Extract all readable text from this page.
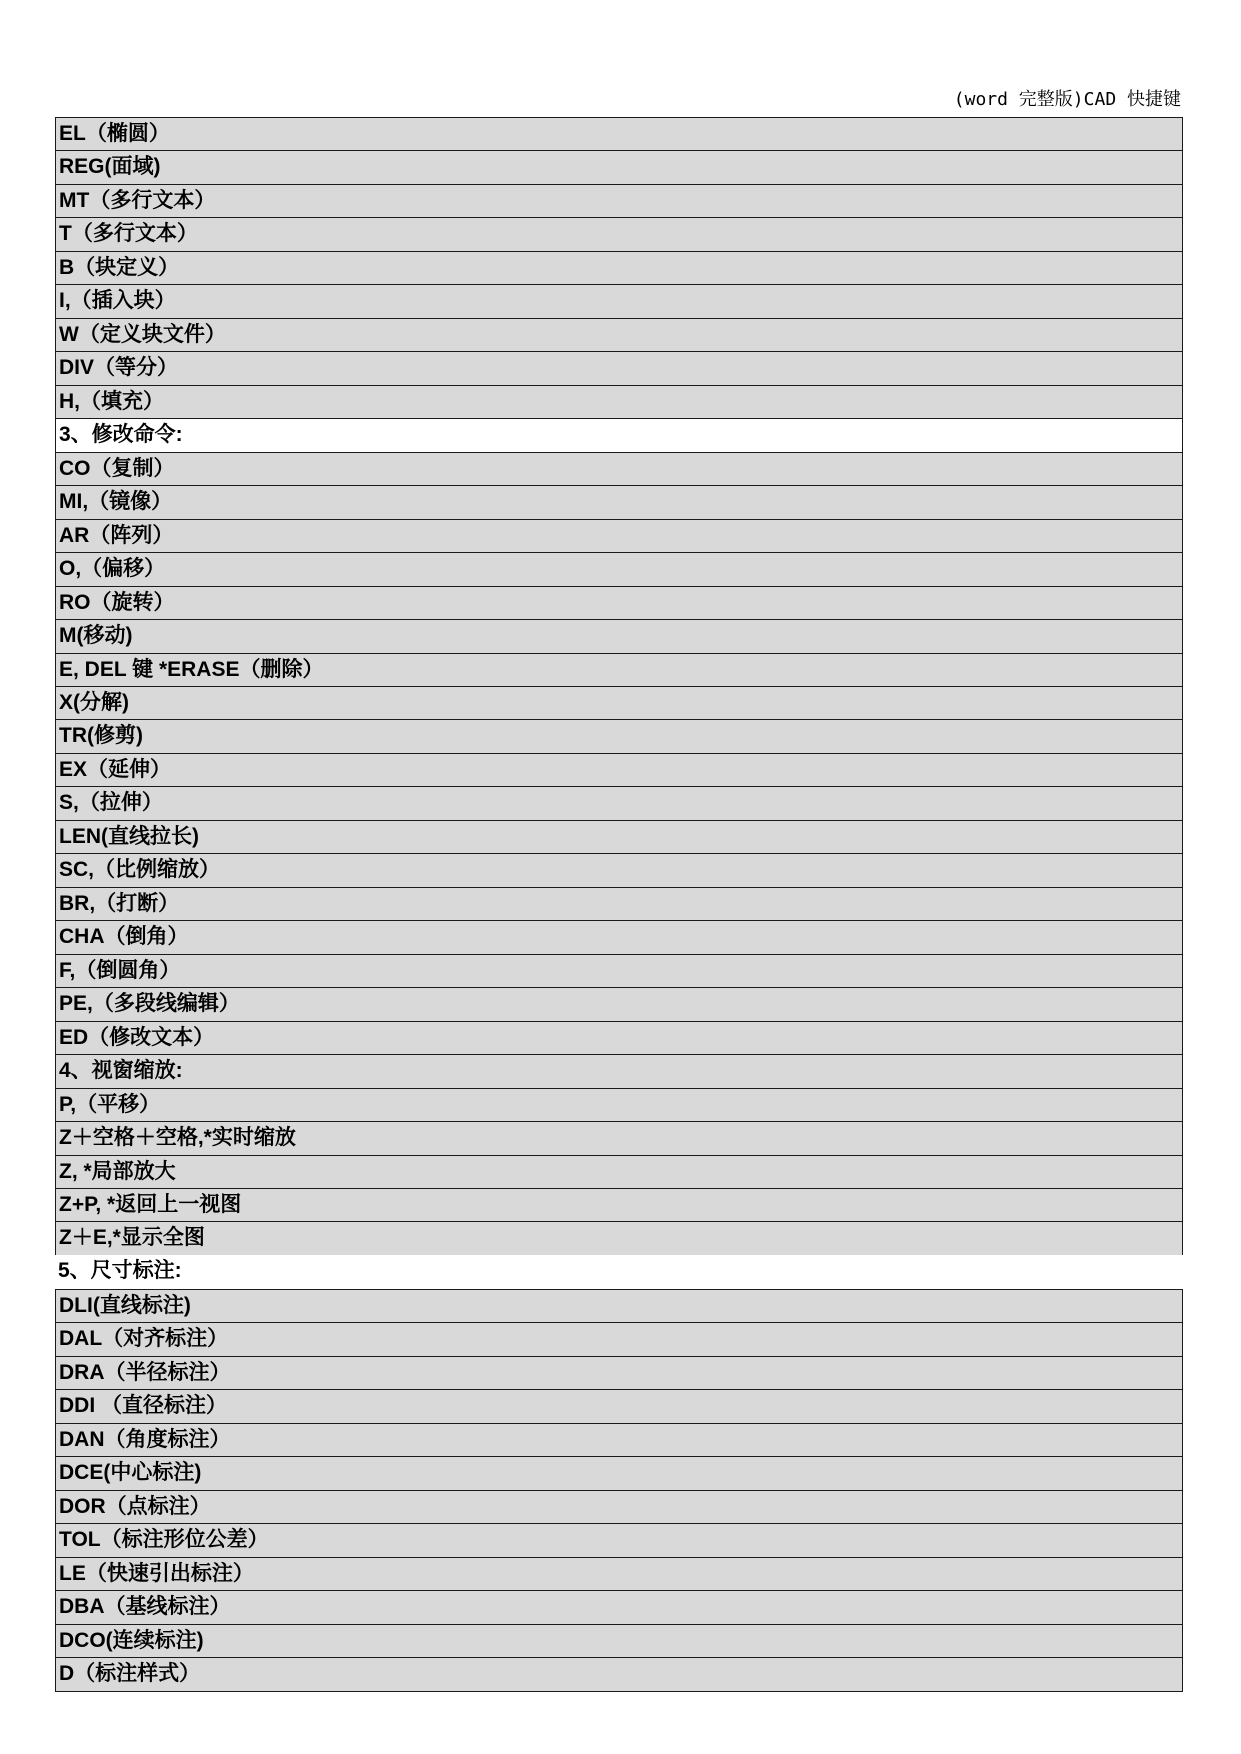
(word 完整版)CAD 快捷键
EL（椭圆）
REG(面域)
MT（多行文本）
T（多行文本）
B（块定义）
I,（插入块）
W（定义块文件）
DIV（等分）
H,（填充）
3、修改命令:
CO（复制）
MI,（镜像）
AR（阵列）
O,（偏移）
RO（旋转）
M(移动)
E, DEL 键 *ERASE（删除）
X(分解)
TR(修剪)
EX（延伸）
S,（拉伸）
LEN(直线拉长)
SC,（比例缩放）
BR,（打断）
CHA（倒角）
F,（倒圆角）
PE,（多段线编辑）
ED（修改文本）
4、视窗缩放:
P,（平移）
Z＋空格＋空格,*实时缩放
Z, *局部放大
Z+P, *返回上一视图
Z＋E,*显示全图
5、尺寸标注:
DLI(直线标注)
DAL（对齐标注）
DRA（半径标注）
DDI （直径标注）
DAN（角度标注）
DCE(中心标注)
DOR（点标注）
TOL（标注形位公差）
LE（快速引出标注）
DBA（基线标注）
DCO(连续标注)
D（标注样式）
